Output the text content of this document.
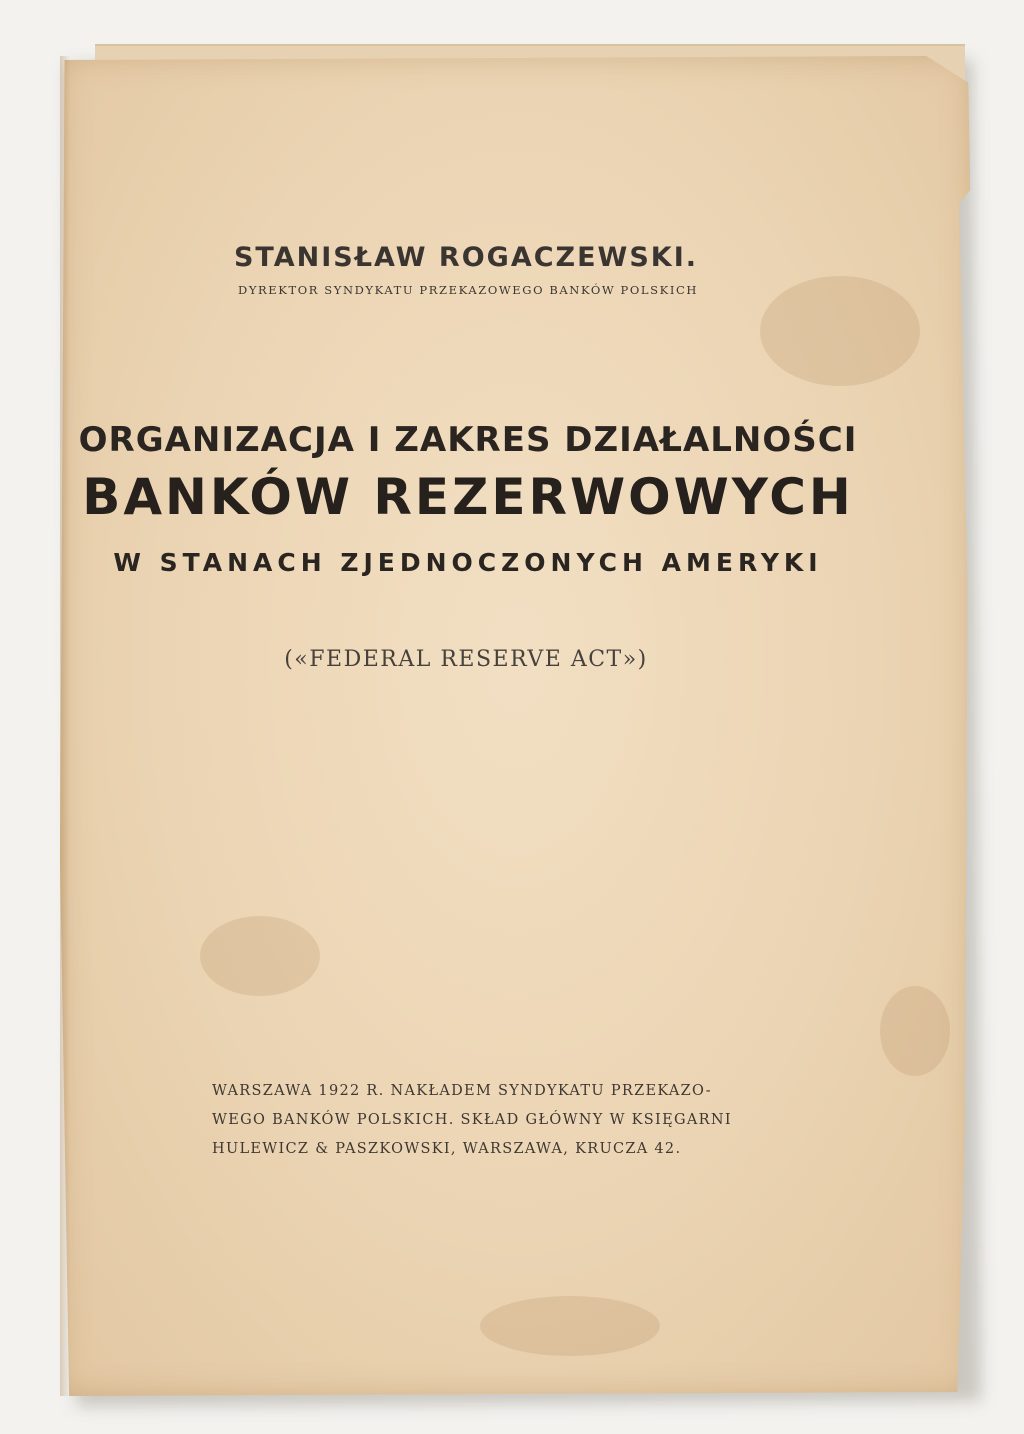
STANISŁAW ROGACZEWSKI.
DYREKTOR SYNDYKATU PRZEKAZOWEGO BANKÓW POLSKICH
ORGANIZACJA I ZAKRES DZIAŁALNOŚCI
BANKÓW REZERWOWYCH
W STANACH ZJEDNOCZONYCH AMERYKI
(«FEDERAL RESERVE ACT»)
WARSZAWA 1922 R. NAKŁADEM SYNDYKATU PRZEKAZO-
WEGO BANKÓW POLSKICH. SKŁAD GŁÓWNY W KSIĘGARNI
HULEWICZ & PASZKOWSKI, WARSZAWA, KRUCZA 42.
